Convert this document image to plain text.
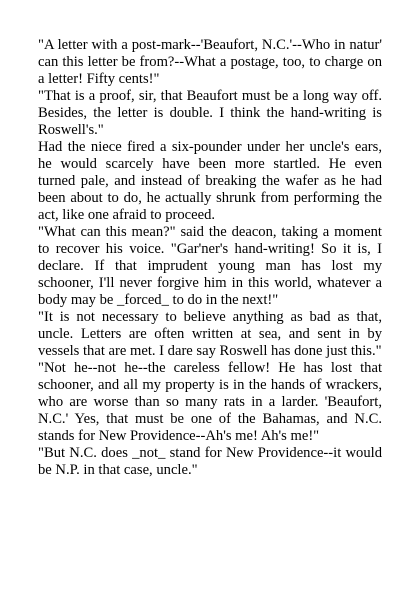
"A letter with a post-mark--'Beaufort, N.C.'--Who in natur' can this letter be from?--What a postage, too, to charge on a letter! Fifty cents!"

"That is a proof, sir, that Beaufort must be a long way off. Besides, the letter is double. I think the hand-writing is Roswell's."

Had the niece fired a six-pounder under her uncle's ears, he would scarcely have been more startled. He even turned pale, and instead of breaking the wafer as he had been about to do, he actually shrunk from performing the act, like one afraid to proceed.

"What can this mean?" said the deacon, taking a moment to recover his voice. "Gar'ner's hand-writing! So it is, I declare. If that imprudent young man has lost my schooner, I'll never forgive him in this world, whatever a body may be _forced_ to do in the next!"

"It is not necessary to believe anything as bad as that, uncle. Letters are often written at sea, and sent in by vessels that are met. I dare say Roswell has done just this."

"Not he--not he--the careless fellow! He has lost that schooner, and all my property is in the hands of wrackers, who are worse than so many rats in a larder. 'Beaufort, N.C.' Yes, that must be one of the Bahamas, and N.C. stands for New Providence--Ah's me! Ah's me!"

"But N.C. does _not_ stand for New Providence--it would be N.P. in that case, uncle."
